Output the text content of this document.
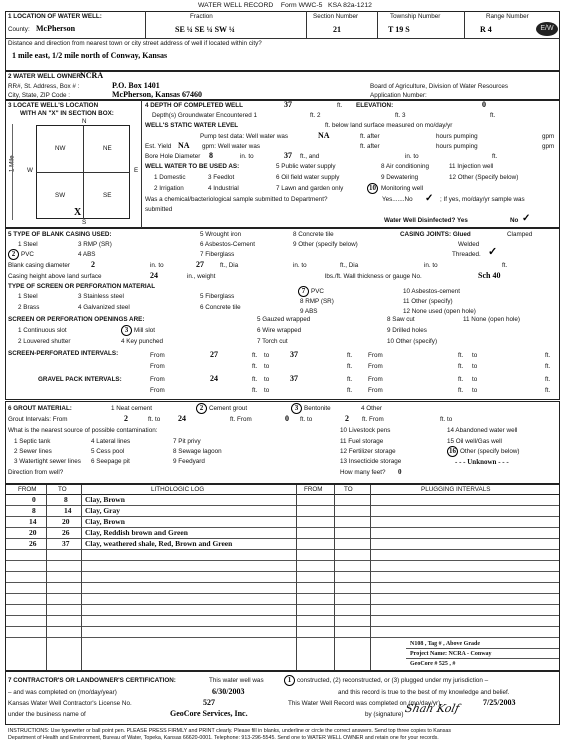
WATER WELL RECORD Form WWC-5 KSA 82a-1212
1 LOCATION OF WATER WELL:
County: McPherson
Fraction
SE ¼ SE ¼ SW ¼
Section Number
21
Township Number
T 19 S
Range Number
R 4	E/W
Distance and direction from nearest town or city street address of well if located within city?
1 mile east, 1/2 mile north of Conway, Kansas
2 WATER WELL OWNER:
NCRA
RR#, St. Address, Box # :	P.O. Box 1401
City, State, ZIP Code :	McPherson, Kansas 67460
Board of Agriculture, Division of Water Resources
Application Number:
3 LOCATE WELL'S LOCATION
WITH AN "X" IN SECTION BOX:
N
S
W	E
1 Mile
NW	NE
SW	SE
X
4 DEPTH OF COMPLETED WELL	37	ft. ELEVATION:	0
Depth(s) Groundwater Encountered 1	ft. 2	ft. 3	ft.
WELL'S STATIC WATER LEVEL	ft. below land surface measured on mo/day/yr
Pump test data: Well water was	NA	ft. after	hours pumping	gpm
Est. Yield NA gpm: Well water was	ft. after	hours pumping	gpm
Bore Hole Diameter 8	in. to	37 ft., and	in. to	ft.
WELL WATER TO BE USED AS:	5 Public water supply	8 Air conditioning	11 Injection well
1 Domestic	3 Feedlot	6 Oil field water supply	9 Dewatering	12 Other (Specify below)
2 Irrigation	4 Industrial	7 Lawn and garden only	10 Monitoring well
Was a chemical/bacteriological sample submitted to Department?	Yes.......No ✓ ; If yes, mo/day/yr sample was
submitted
Water Well Disinfected? Yes	No ✓
5 TYPE OF BLANK CASING USED:
1 Steel	3 RMP (SR)
5 Wrought iron	8 Concrete tile
2 PVC	4 ABS
6 Asbestos-Cement	9 Other (specify below)
7 Fiberglass
CASING JOINTS: Glued	Clamped
Welded
Threaded. ✓
Blank casing diameter	2	in. to	27	ft., Dia	in. to	ft., Dia	in. to	ft.
Casing height above land surface	24	in., weight	lbs./ft. Wall thickness or gauge No.	Sch 40
TYPE OF SCREEN OR PERFORATION MATERIAL
1 Steel	3 Stainless steel	5 Fiberglass
7 PVC	10 Asbestos-cement
2 Brass	4 Galvanized steel	6 Concrete tile
8 RMP (SR)	11 Other (specify)
9 ABS	12 None used (open hole)
SCREEN OR PERFORATION OPENINGS ARE:
1 Continuous slot	3 Mill slot
5 Gauzed wrapped	8 Saw cut	11 None (open hole)
2 Louvered shutter	4 Key punched
6 Wire wrapped	9 Drilled holes
7 Torch cut	10 Other (specify)
SCREEN-PERFORATED INTERVALS:	From	27	ft. to	37	ft.	From	ft. to	ft.
From	ft. to	ft.	From	ft. to	ft.
GRAVEL PACK INTERVALS:	From	24	ft. to	37	ft.	From	ft. to	ft.
From	ft. to	ft.	From	ft. to	ft.
6 GROUT MATERIAL:	1 Neat cement	2 Cement grout	3 Bentonite	4 Other
Grout Intervals: From	2	ft. to 24	ft. From	0 ft. to	2 ft. From	ft. to
What is the nearest source of possible contamination:	10 Livestock pens	14 Abandoned water well
1 Septic tank	4 Lateral lines	7 Pit privy	11 Fuel storage	15 Oil well/Gas well
2 Sewer lines	5 Cess pool	8 Sewage lagoon	12 Fertilizer storage	16 Other (specify below)
3 Watertight sewer lines 6 Seepage pit	9 Feedyard	13 Insecticide storage	- - - Unknown - - -
Direction from well?	How many feet? 0
FROM	TO	LITHOLOGIC LOG	FROM	TO	PLUGGING INTERVALS
0	8 Clay, Brown
8	14 Clay, Gray
14	20 Clay, Brown
20	26 Clay, Reddish brown and Green
26	37 Clay, weathered shale, Red, Brown and Green
N108 , Tag # , Above Grade
Project Name: NCRA - Conway
GeoCore # 525 , #
7 CONTRACTOR'S OR LANDOWNER'S CERTIFICATION:	This water well was	1 constructed, (2) reconstructed, or (3) plugged under my jurisdiction –
– and was completed on (mo/day/year)	6/30/2003	and this record is true to the best of my knowledge and belief.
Kansas Water Well Contractor's License No.	527	This Water Well Record was completed on (mo/day/yr)	7/25/2003
under the business name of	GeoCore Services, Inc.	by (signature) Shah Kolf
INSTRUCTIONS: Use typewriter or ball point pen. PLEASE PRESS FIRMLY and PRINT clearly. Please fill in blanks, underline or circle the correct answers. Send top three copies to Kansas
Department of Health and Environment, Bureau of Water, Topeka, Kansas 66620-0001. Telephone: 913-296-5545. Send one to WATER WELL OWNER and retain one for your records.
